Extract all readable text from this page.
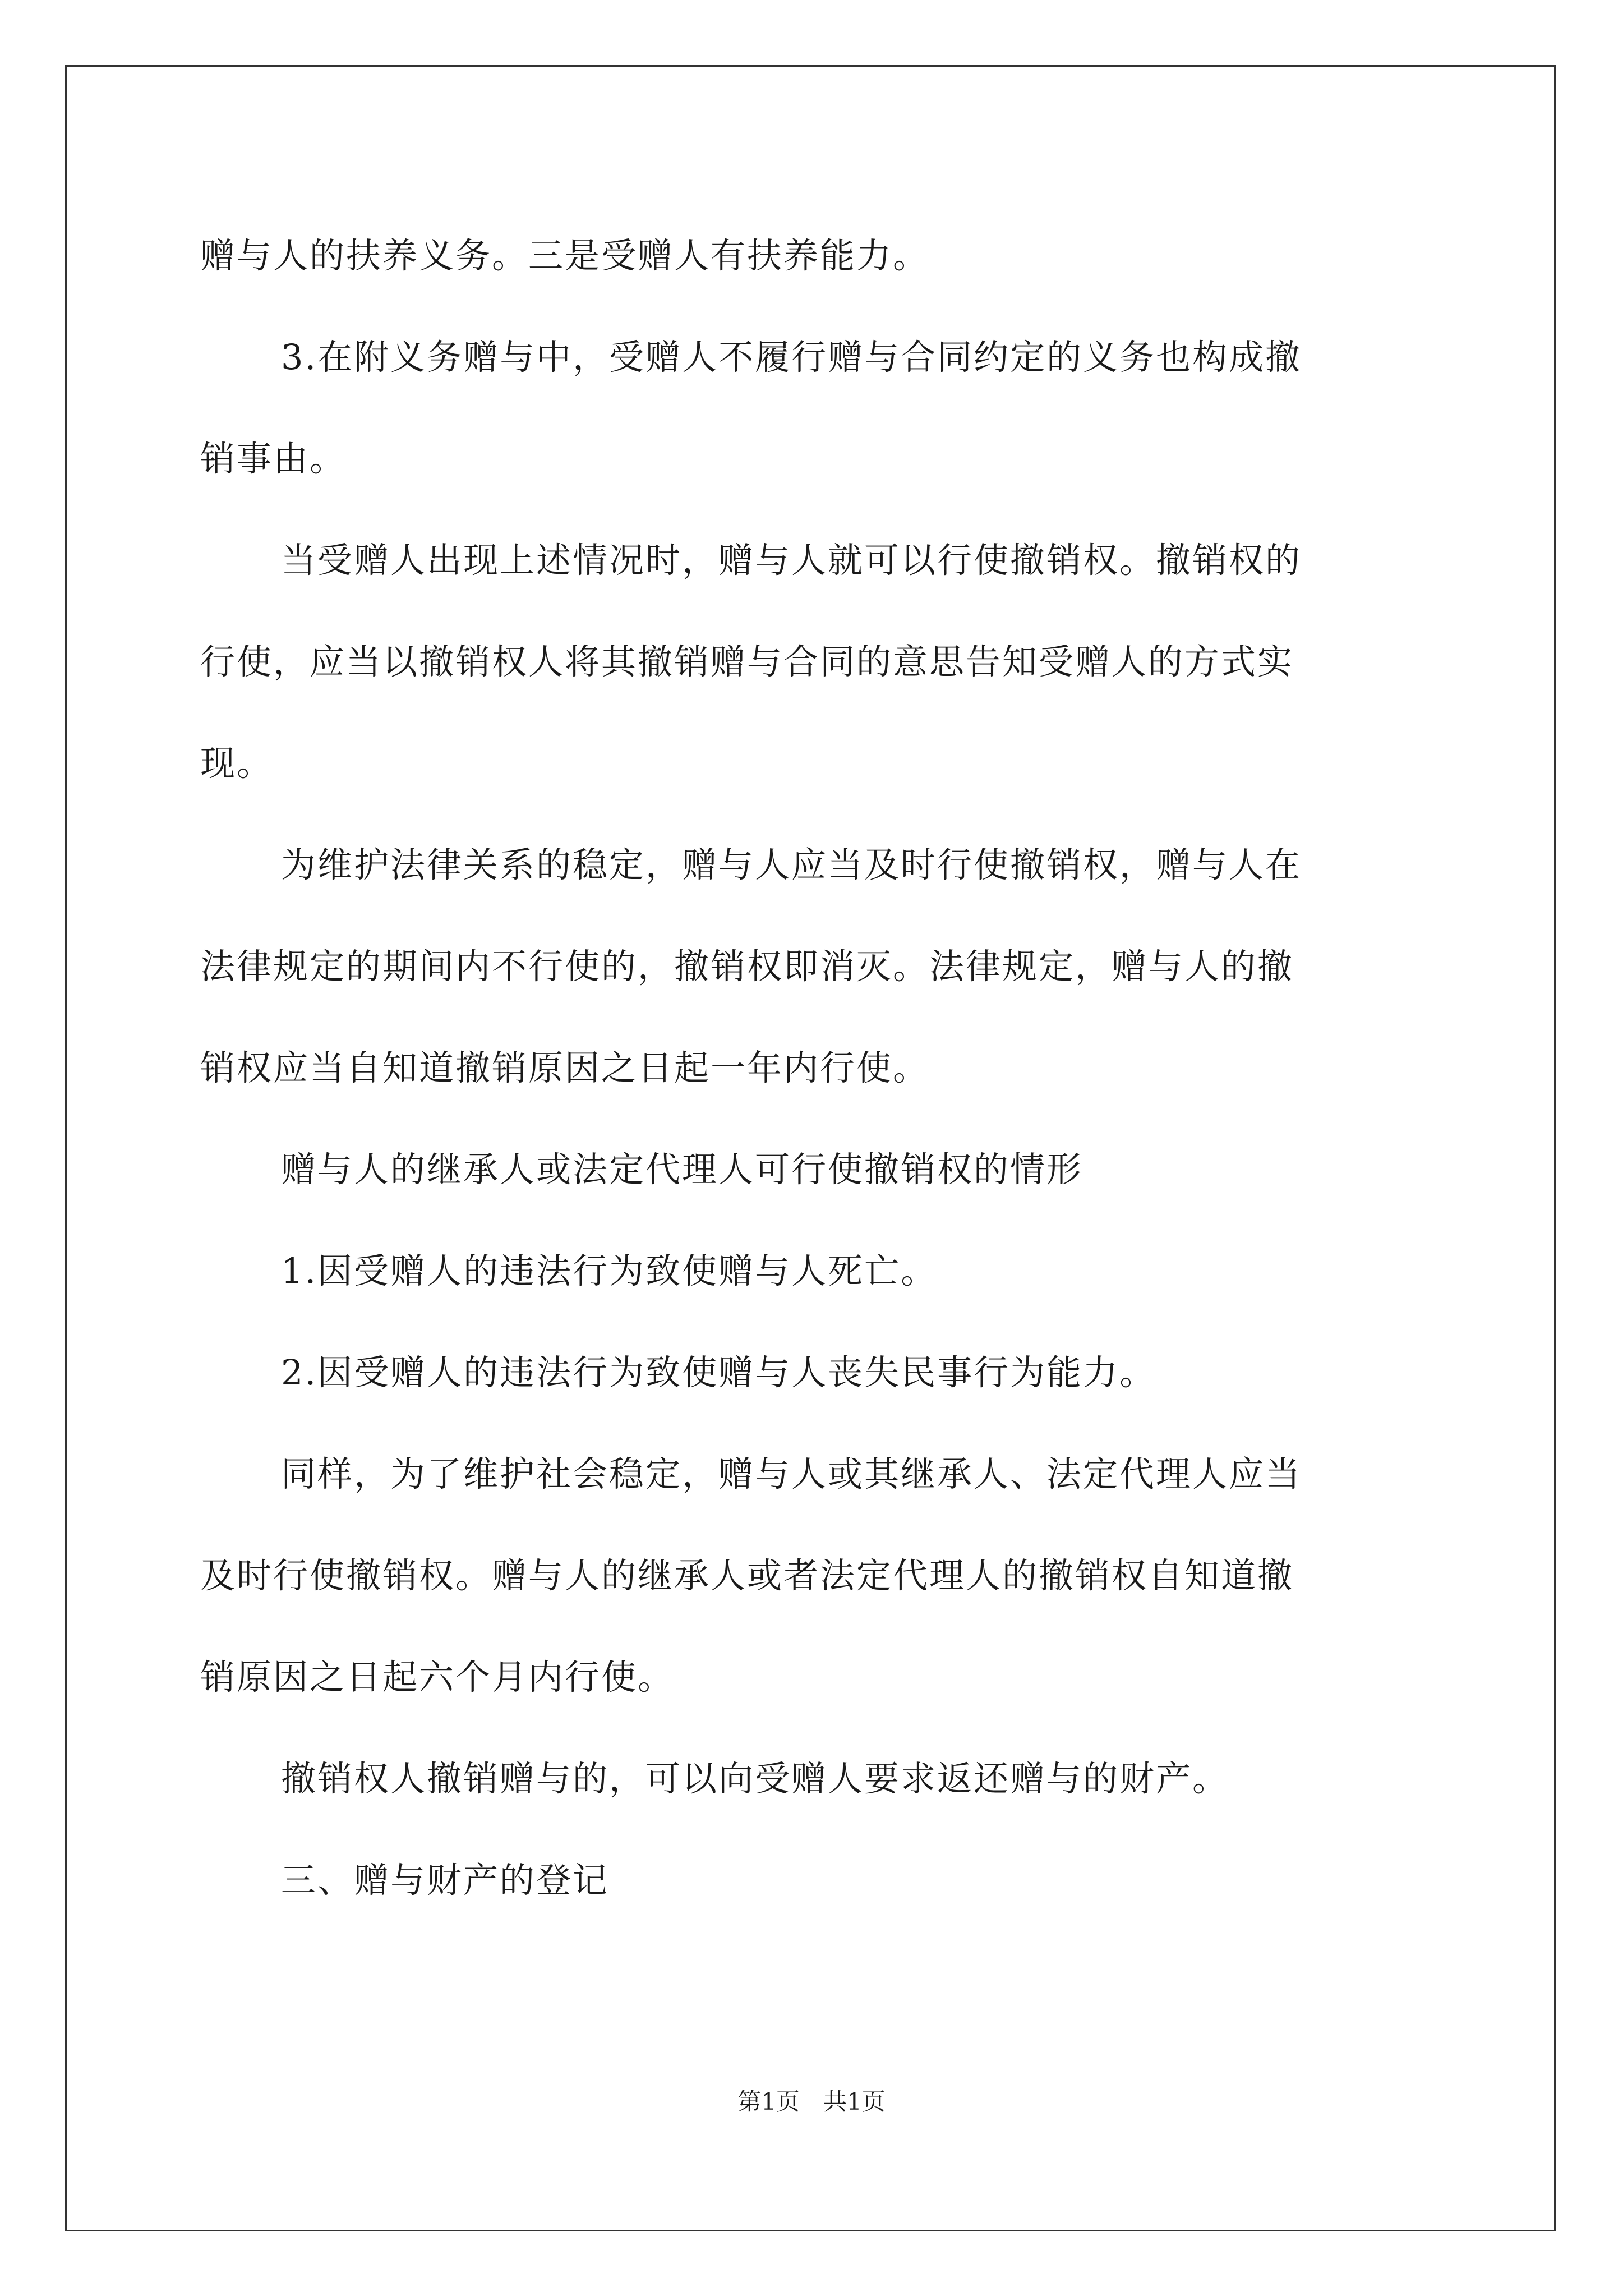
赠与人的扶养义务。三是受赠人有扶养能力。

3.在附义务赠与中，受赠人不履行赠与合同约定的义务也构成撤

销事由。

当受赠人出现上述情况时，赠与人就可以行使撤销权。撤销权的

行使，应当以撤销权人将其撤销赠与合同的意思告知受赠人的方式实

现。

为维护法律关系的稳定，赠与人应当及时行使撤销权，赠与人在

法律规定的期间内不行使的，撤销权即消灭。法律规定，赠与人的撤

销权应当自知道撤销原因之日起一年内行使。

赠与人的继承人或法定代理人可行使撤销权的情形

1.因受赠人的违法行为致使赠与人死亡。

2.因受赠人的违法行为致使赠与人丧失民事行为能力。

同样，为了维护社会稳定，赠与人或其继承人、法定代理人应当

及时行使撤销权。赠与人的继承人或者法定代理人的撤销权自知道撤

销原因之日起六个月内行使。

撤销权人撤销赠与的，可以向受赠人要求返还赠与的财产。

三、赠与财产的登记

第1页　共1页
